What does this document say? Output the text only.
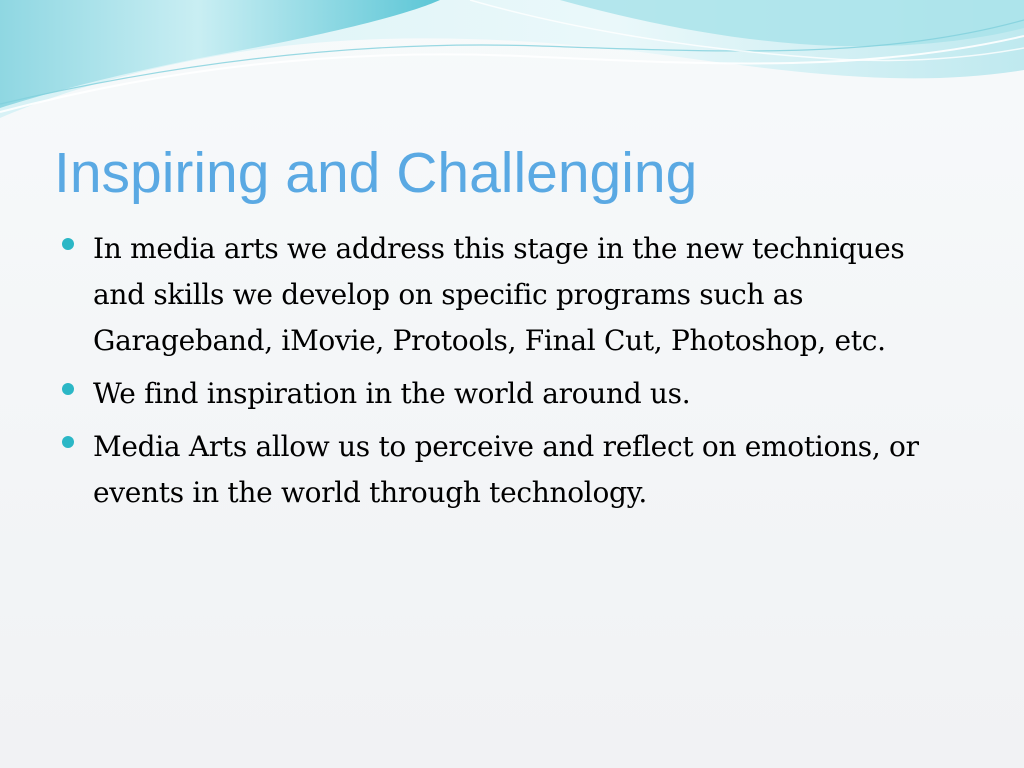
Inspiring and Challenging
In media arts we address this stage in the new techniques and skills we develop on specific programs such as Garageband, iMovie, Protools, Final Cut, Photoshop, etc.
We find inspiration in the world around us.
Media Arts allow us to perceive and reflect on emotions, or events in the world through technology.
